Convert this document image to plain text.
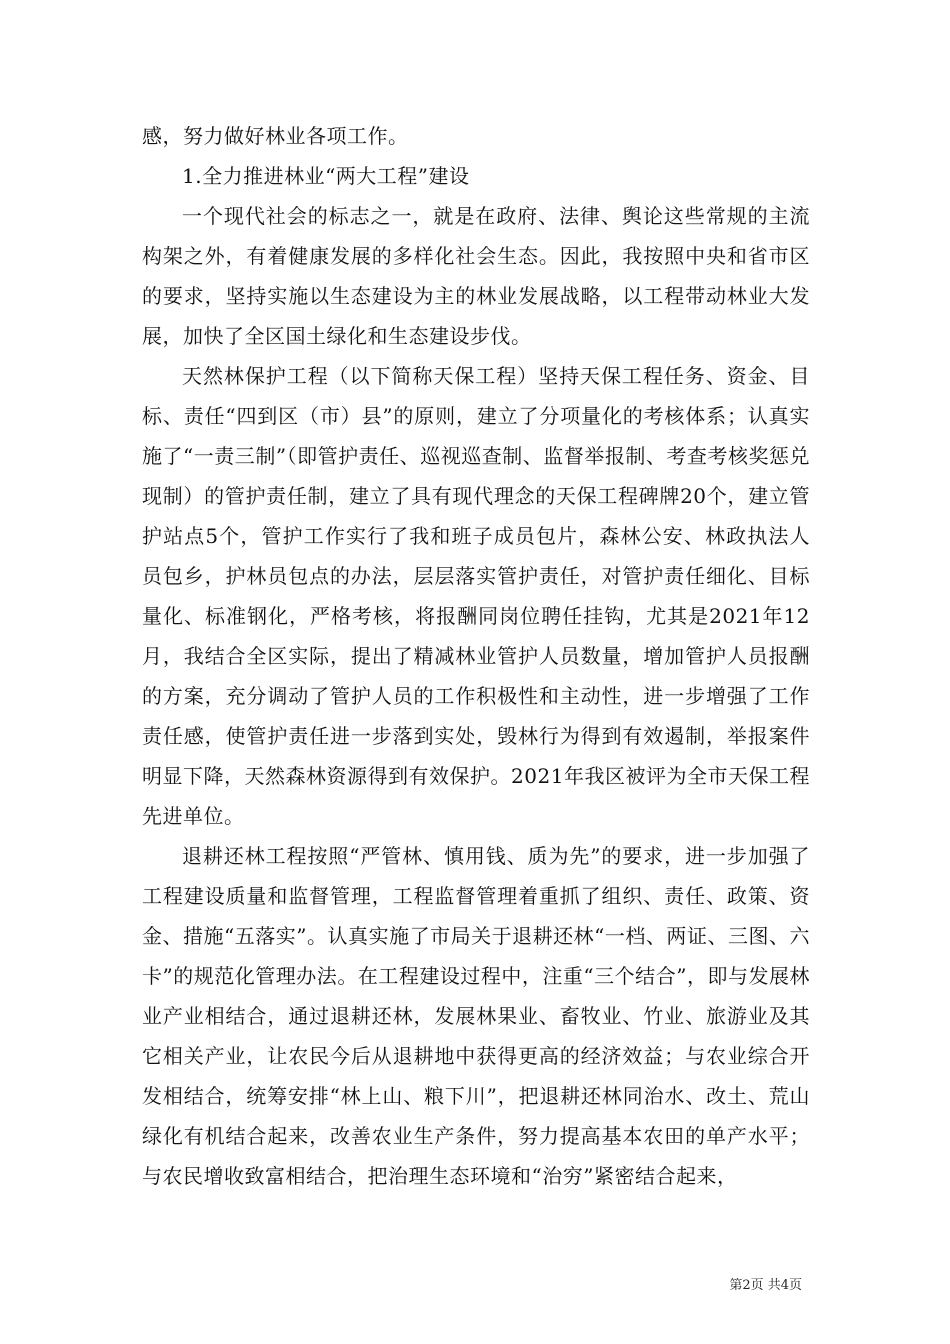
感，努力做好林业各项工作。

1.全力推进林业“两大工程”建设

一个现代社会的标志之一，就是在政府、法律、舆论这些常规的主流构架之外，有着健康发展的多样化社会生态。因此，我按照中央和省市区的要求，坚持实施以生态建设为主的林业发展战略，以工程带动林业大发展，加快了全区国土绿化和生态建设步伐。

天然林保护工程（以下简称天保工程）坚持天保工程任务、资金、目标、责任“四到区（市）县”的原则，建立了分项量化的考核体系；认真实施了“一责三制”（即管护责任、巡视巡查制、监督举报制、考查考核奖惩兑现制）的管护责任制，建立了具有现代理念的天保工程碑牌20个，建立管护站点5个，管护工作实行了我和班子成员包片，森林公安、林政执法人员包乡，护林员包点的办法，层层落实管护责任，对管护责任细化、目标量化、标准钢化，严格考核，将报酬同岗位聘任挂钩，尤其是2021年12月，我结合全区实际，提出了精减林业管护人员数量，增加管护人员报酬的方案，充分调动了管护人员的工作积极性和主动性，进一步增强了工作责任感，使管护责任进一步落到实处，毁林行为得到有效遏制，举报案件明显下降，天然森林资源得到有效保护。2021年我区被评为全市天保工程先进单位。

退耕还林工程按照“严管林、慎用钱、质为先”的要求，进一步加强了工程建设质量和监督管理，工程监督管理着重抓了组织、责任、政策、资金、措施“五落实”。认真实施了市局关于退耕还林“一档、两证、三图、六卡”的规范化管理办法。在工程建设过程中，注重“三个结合”，即与发展林业产业相结合，通过退耕还林，发展林果业、畜牧业、竹业、旅游业及其它相关产业，让农民今后从退耕地中获得更高的经济效益；与农业综合开发相结合，统筹安排“林上山、粮下川”，把退耕还林同治水、改土、荒山绿化有机结合起来，改善农业生产条件，努力提高基本农田的单产水平；与农民增收致富相结合，把治理生态环境和“治穷”紧密结合起来，

第2页 共4页
